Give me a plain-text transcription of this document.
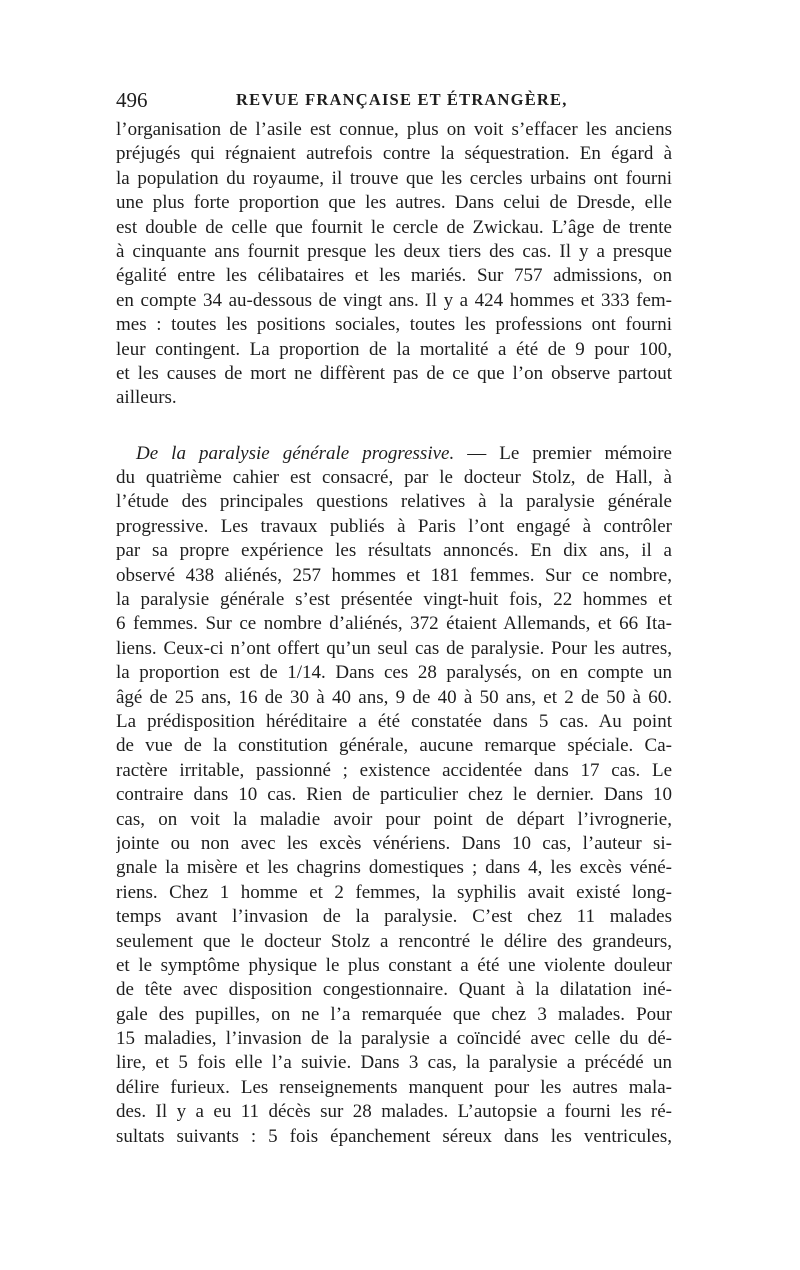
496	REVUE FRANÇAISE ET ÉTRANGÈRE,
l’organisation de l’asile est connue, plus on voit s’effacer les anciens
préjugés qui régnaient autrefois contre la séquestration. En égard à
la population du royaume, il trouve que les cercles urbains ont fourni
une plus forte proportion que les autres. Dans celui de Dresde, elle
est double de celle que fournit le cercle de Zwickau. L’âge de trente
à cinquante ans fournit presque les deux tiers des cas. Il y a presque
égalité entre les célibataires et les mariés. Sur 757 admissions, on
en compte 34 au-dessous de vingt ans. Il y a 424 hommes et 333 fem-
mes : toutes les positions sociales, toutes les professions ont fourni
leur contingent. La proportion de la mortalité a été de 9 pour 100,
et les causes de mort ne diffèrent pas de ce que l’on observe partout
ailleurs.
De la paralysie générale progressive. — Le premier mémoire
du quatrième cahier est consacré, par le docteur Stolz, de Hall, à
l’étude des principales questions relatives à la paralysie générale
progressive. Les travaux publiés à Paris l’ont engagé à contrôler
par sa propre expérience les résultats annoncés. En dix ans, il a
observé 438 aliénés, 257 hommes et 181 femmes. Sur ce nombre,
la paralysie générale s’est présentée vingt-huit fois, 22 hommes et
6 femmes. Sur ce nombre d’aliénés, 372 étaient Allemands, et 66 Ita-
liens. Ceux-ci n’ont offert qu’un seul cas de paralysie. Pour les autres,
la proportion est de 1/14. Dans ces 28 paralysés, on en compte un
âgé de 25 ans, 16 de 30 à 40 ans, 9 de 40 à 50 ans, et 2 de 50 à 60.
La prédisposition héréditaire a été constatée dans 5 cas. Au point
de vue de la constitution générale, aucune remarque spéciale. Ca-
ractère irritable, passionné ; existence accidentée dans 17 cas. Le
contraire dans 10 cas. Rien de particulier chez le dernier. Dans 10
cas, on voit la maladie avoir pour point de départ l’ivrognerie,
jointe ou non avec les excès vénériens. Dans 10 cas, l’auteur si-
gnale la misère et les chagrins domestiques ; dans 4, les excès véné-
riens. Chez 1 homme et 2 femmes, la syphilis avait existé long-
temps avant l’invasion de la paralysie. C’est chez 11 malades
seulement que le docteur Stolz a rencontré le délire des grandeurs,
et le symptôme physique le plus constant a été une violente douleur
de tête avec disposition congestionnaire. Quant à la dilatation iné-
gale des pupilles, on ne l’a remarquée que chez 3 malades. Pour
15 maladies, l’invasion de la paralysie a coïncidé avec celle du dé-
lire, et 5 fois elle l’a suivie. Dans 3 cas, la paralysie a précédé un
délire furieux. Les renseignements manquent pour les autres mala-
des. Il y a eu 11 décès sur 28 malades. L’autopsie a fourni les ré-
sultats suivants : 5 fois épanchement séreux dans les ventricules,
